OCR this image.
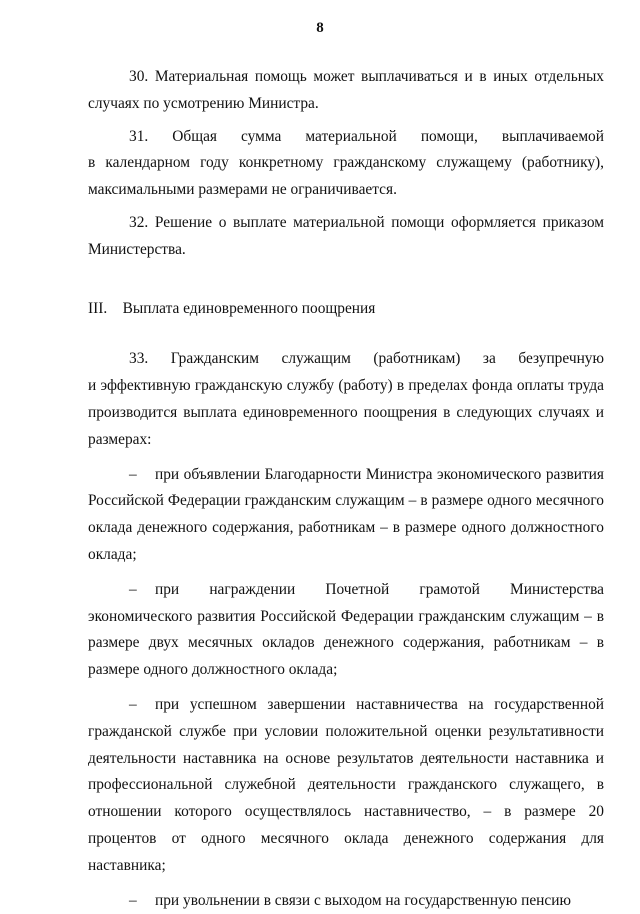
8

30. Материальная помощь может выплачиваться и в иных отдельных случаях по усмотрению Министра.

31. Общая сумма материальной помощи, выплачиваемой

в календарном году конкретному гражданскому служащему (работнику), максимальными размерами не ограничивается.

32. Решение о выплате материальной помощи оформляется приказом Министерства.

III. Выплата единовременного поощрения

33. Гражданским служащим (работникам) за безупречную

и эффективную гражданскую службу (работу) в пределах фонда оплаты труда производится выплата единовременного поощрения в следующих случаях и размерах:

– при объявлении Благодарности Министра экономического развития Российской Федерации гражданским служащим – в размере одного месячного оклада денежного содержания, работникам – в размере одного должностного оклада;

– при награждении Почетной грамотой Министерства экономического развития Российской Федерации гражданским служащим – в размере двух месячных окладов денежного содержания, работникам – в размере одного должностного оклада;

– при успешном завершении наставничества на государственной гражданской службе при условии положительной оценки результативности деятельности наставника на основе результатов деятельности наставника и профессиональной служебной деятельности гражданского служащего, в отношении которого осуществлялось наставничество, – в размере 20 процентов от одного месячного оклада денежного содержания для наставника;

– при увольнении в связи с выходом на государственную пенсию
